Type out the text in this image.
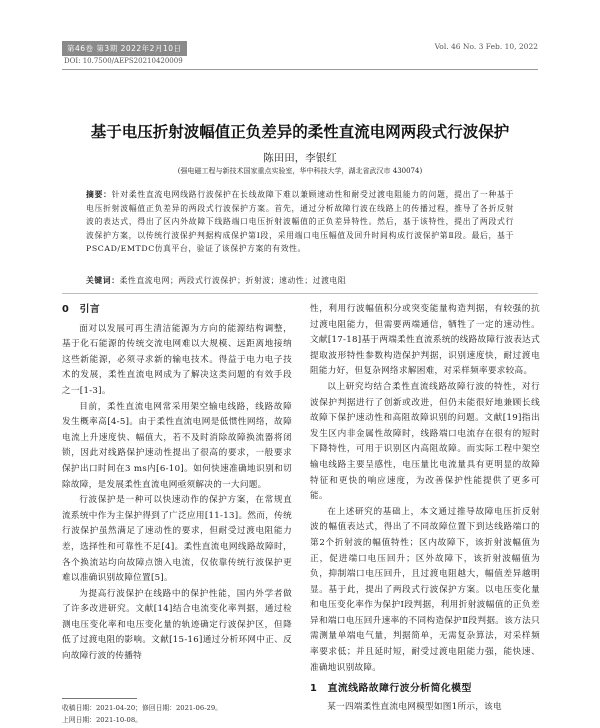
第46卷 第3期 2022年2月10日	Vol. 46 No. 3 Feb. 10, 2022
DOI: 10.7500/AEPS20210420009
基于电压折射波幅值正负差异的柔性直流电网两段式行波保护
陈田田，李银红
(强电磁工程与新技术国家重点实验室，华中科技大学，湖北省武汉市 430074)
摘要：针对柔性直流电网线路行波保护在长线故障下难以兼顾速动性和耐受过渡电阻能力的问题，提出了一种基于电压折射波幅值正负差异的两段式行波保护方案。首先，通过分析故障行波在线路上的传播过程，推导了各折反射波的表达式，得出了区内外故障下线路端口电压折射波幅值的正负差异特性。然后，基于该特性，提出了两段式行波保护方案，以传统行波保护判据构成保护第Ⅰ段，采用端口电压幅值及回升时间构成行波保护第Ⅱ段。最后，基于PSCAD/EMTDC仿真平台，验证了该保护方案的有效性。
关键词：柔性直流电网；两段式行波保护；折射波；速动性；过渡电阻
0　引言

面对以发展可再生清洁能源为方向的能源结构调整，基于化石能源的传统交流电网难以大规模、远距离地接纳这些新能源，必须寻求新的输电技术。得益于电力电子技术的发展，柔性直流电网成为了解决这类问题的有效手段之一[1-3]。

目前，柔性直流电网常采用架空输电线路，线路故障发生概率高[4-5]。由于柔性直流电网是低惯性网络，故障电流上升速度快、幅值大，若不及时消除故障换流器将闭锁，因此对线路保护速动性提出了很高的要求，一般要求保护出口时间在3 ms内[6-10]。如何快速准确地识别和切除故障，是发展柔性直流电网亟须解决的一大问题。

行波保护是一种可以快速动作的保护方案，在常规直流系统中作为主保护得到了广泛应用[11-13]。然而，传统行波保护虽然满足了速动性的要求，但耐受过渡电阻能力差，选择性和可靠性不足[4]。柔性直流电网线路故障时，各个换流站均向故障点馈入电流，仅依靠传统行波保护更难以准确识别故障位置[5]。

为提高行波保护在线路中的保护性能，国内外学者做了许多改进研究。文献[14]结合电流变化率判据，通过检测电压变化率和电压变化量的轨迹确定行波保护区，但降低了过渡电阻的影响。文献[15-16]通过分析环网中正、反向故障行波的传播特

性，利用行波幅值积分或突变能量构造判据，有较强的抗过渡电阻能力，但需要两端通信，牺牲了一定的速动性。文献[17-18]基于两端柔性直流系统的线路故障行波表达式提取波形特性参数构造保护判据，识别速度快，耐过渡电阻能力好，但复杂网络求解困难，对采样频率要求较高。

以上研究均结合柔性直流线路故障行波的特性，对行波保护判据进行了创新或改进，但仍未能很好地兼顾长线故障下保护速动性和高阻故障识别的问题。文献[19]指出发生区内非金属性故障时，线路端口电流存在很有的短时下降特性，可用于识别区内高阻故障。而实际工程中架空输电线路主要呈感性，电压量比电流量具有更明显的故障特征和更快的响应速度，为改善保护性能提供了更多可能。

在上述研究的基础上，本文通过推导故障电压折反射波的幅值表达式，得出了不同故障位置下到达线路端口的第2个折射波的幅值特性；区内故障下，该折射波幅值为正，促进端口电压回升；区外故障下，该折射波幅值为负，抑制端口电压回升，且过渡电阻越大，幅值差异越明显。基于此，提出了两段式行波保护方案。以电压变化量和电压变化率作为保护Ⅰ段判据，利用折射波幅值的正负差异和端口电压回升速率的不同构造保护Ⅱ段判据。该方法只需测量单端电气量，判据简单，无需复杂算法，对采样频率要求低；并且延时短，耐受过渡电阻能力强，能快速、准确地识别故障。

1　直流线路故障行波分析简化模型

某一四端柔性直流电网模型如图1所示，该电

收稿日期：2021-04-20；修回日期：2021-06-29。
上网日期：2021-10-08。
